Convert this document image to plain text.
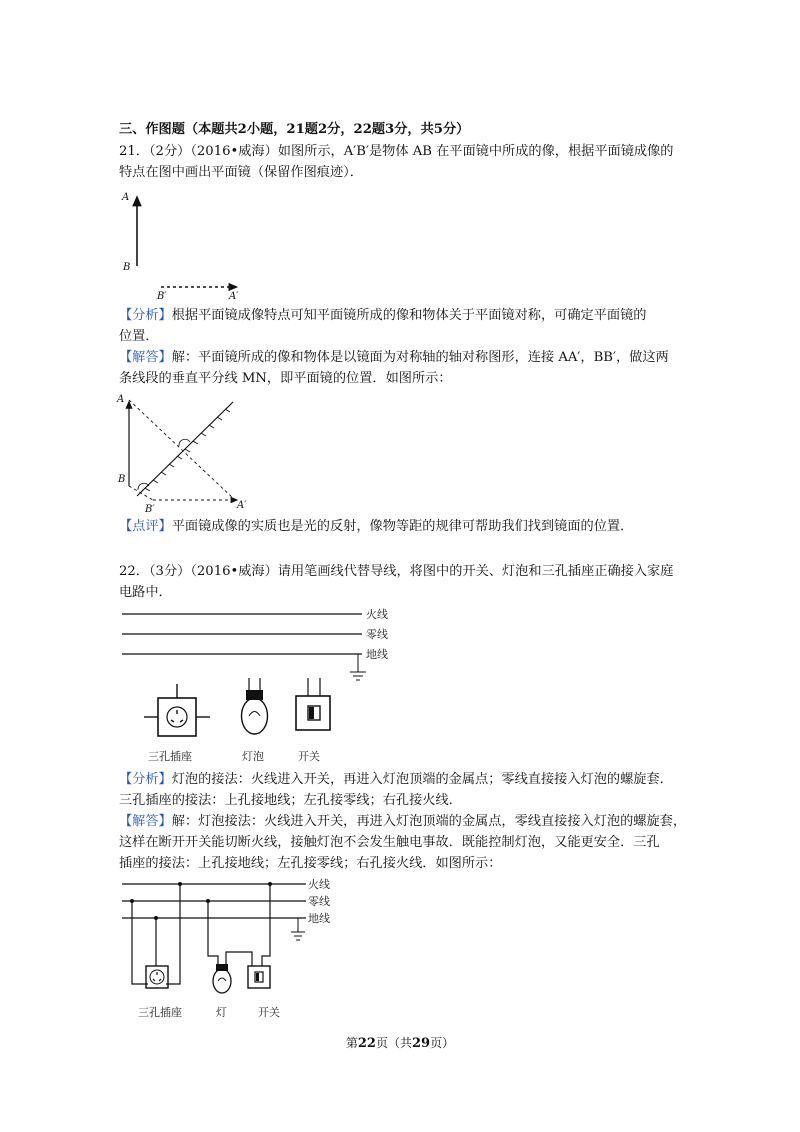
三、作图题（本题共2小题，21题2分，22题3分，共5分）
21．（2分）（2016•威海）如图所示，A′B′是物体 AB 在平面镜中所成的像，根据平面镜成像的
特点在图中画出平面镜（保留作图痕迹）．
A
B
B′	A′
【分析】根据平面镜成像特点可知平面镜所成的像和物体关于平面镜对称，可确定平面镜的
位置．
【解答】解：平面镜所成的像和物体是以镜面为对称轴的轴对称图形，连接 AA′，BB′，做这两
条线段的垂直平分线 MN，即平面镜的位置．如图所示：
A
B
B′	A′
【点评】平面镜成像的实质也是光的反射，像物等距的规律可帮助我们找到镜面的位置．
22．（3分）（2016•威海）请用笔画线代替导线，将图中的开关、灯泡和三孔插座正确接入家庭
电路中．
火线
零线
地线
三孔插座	灯泡	开关
【分析】灯泡的接法：火线进入开关，再进入灯泡顶端的金属点；零线直接接入灯泡的螺旋套．
三孔插座的接法：上孔接地线；左孔接零线；右孔接火线．
【解答】解：灯泡接法：火线进入开关，再进入灯泡顶端的金属点，零线直接接入灯泡的螺旋套，
这样在断开开关能切断火线，接触灯泡不会发生触电事故．既能控制灯泡，又能更安全．三孔
插座的接法：上孔接地线；左孔接零线；右孔接火线．如图所示：
火线
零线
地线
三孔插座	灯	开关
第22页（共29页）
